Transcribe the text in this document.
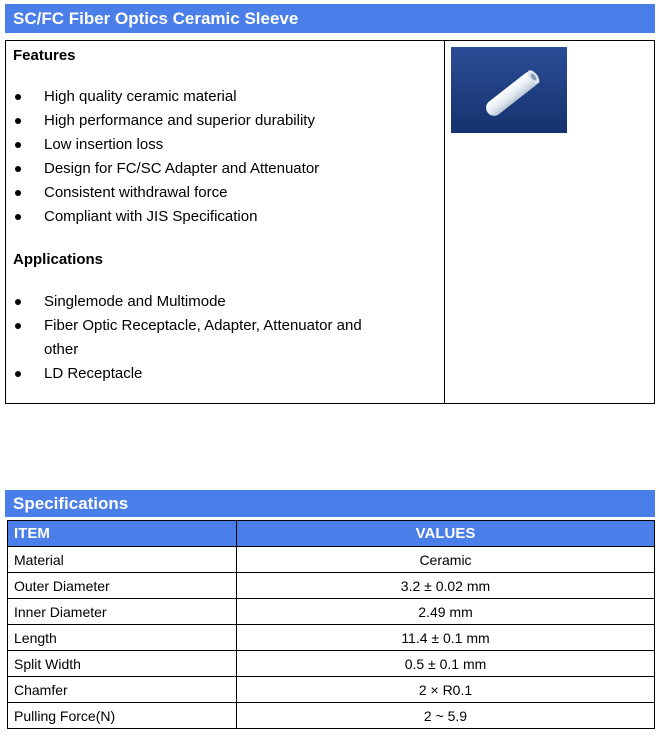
SC/FC Fiber Optics Ceramic Sleeve
Features
High quality ceramic material
High performance and superior durability
Low insertion loss
Design for FC/SC Adapter and Attenuator
Consistent withdrawal force
Compliant with JIS Specification
Applications
Singlemode and Multimode
Fiber Optic Receptacle, Adapter, Attenuator and other
LD Receptacle
Specifications
ITEM	VALUES
Material	Ceramic
Outer Diameter	3.2 ± 0.02 mm
Inner Diameter	2.49 mm
Length	11.4 ± 0.1 mm
Split Width	0.5 ± 0.1 mm
Chamfer	2 × R0.1
Pulling Force(N)	2 ~ 5.9
